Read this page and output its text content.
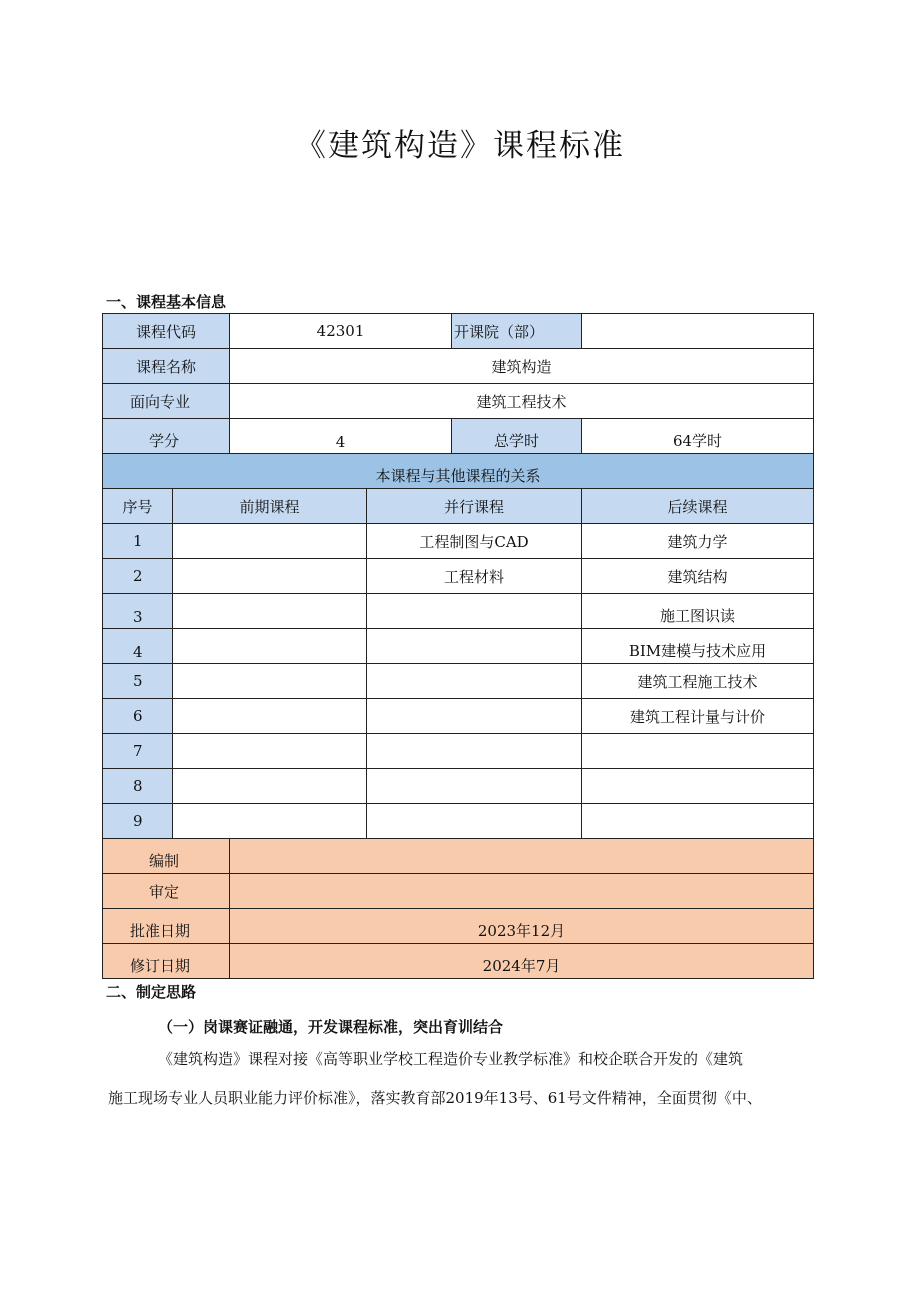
《建筑构造》课程标准
一、课程基本信息
课程代码		42301		开课院（部）	
课程名称		建筑构造			
面向专业		建筑工程技术			
学分		4		总学时	64学时
本课程与其他课程的关系					
序号	前期课程		并行课程		后续课程
1			工程制图与CAD		建筑力学
2			工程材料		建筑结构
3					施工图识读
4					BIM建模与技术应用
5					建筑工程施工技术
6					建筑工程计量与计价
7					
8					
9					
编制					
审定					
批准日期		2023年12月			
修订日期		2024年7月			
二、制定思路
（一）岗课赛证融通，开发课程标准，突出育训结合

《建筑构造》课程对接《高等职业学校工程造价专业教学标准》和校企联合开发的《建筑

施工现场专业人员职业能力评价标准》，落实教育部2019年13号、61号文件精神，全面贯彻《中、
